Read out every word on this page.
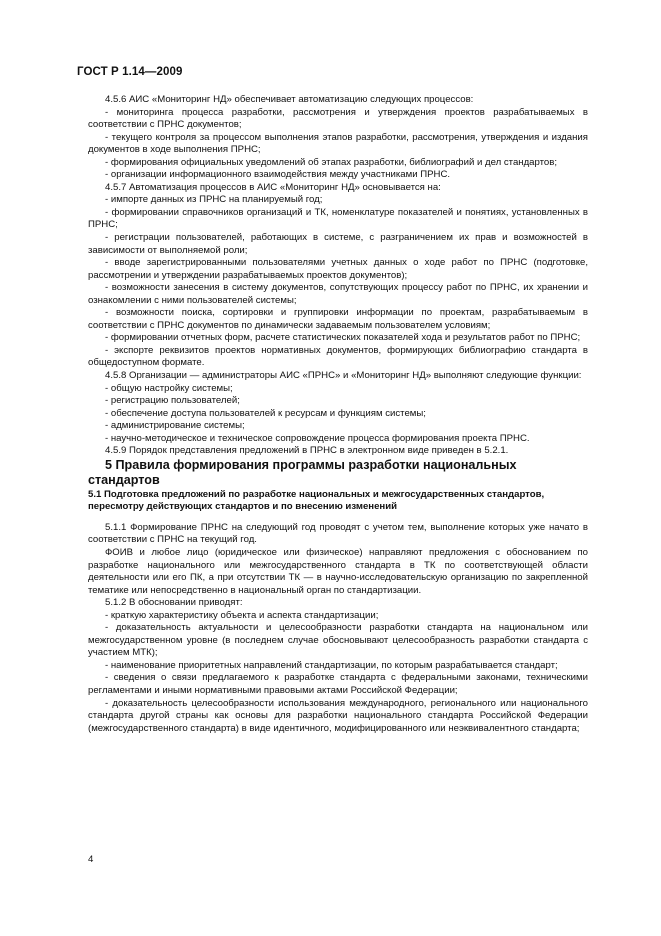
ГОСТ Р 1.14—2009

4.5.6 АИС «Мониторинг НД» обеспечивает автоматизацию следующих процессов:

- мониторинга процесса разработки, рассмотрения и утверждения проектов разрабатываемых в соответствии с ПРНС документов;

- текущего контроля за процессом выполнения этапов разработки, рассмотрения, утверждения и издания документов в ходе выполнения ПРНС;

- формирования официальных уведомлений об этапах разработки, библиографий и дел стандартов;

- организации информационного взаимодействия между участниками ПРНС.

4.5.7 Автоматизация процессов в АИС «Мониторинг НД» основывается на:

- импорте данных из ПРНС на планируемый год;

- формировании справочников организаций и ТК, номенклатуре показателей и понятиях, установленных в ПРНС;

- регистрации пользователей, работающих в системе, с разграничением их прав и возможностей в зависимости от выполняемой роли;

- вводе зарегистрированными пользователями учетных данных о ходе работ по ПРНС (подготовке, рассмотрении и утверждении разрабатываемых проектов документов);

- возможности занесения в систему документов, сопутствующих процессу работ по ПРНС, их хранении и ознакомлении с ними пользователей системы;

- возможности поиска, сортировки и группировки информации по проектам, разрабатываемым в соответствии с ПРНС документов по динамически задаваемым пользователем условиям;

- формировании отчетных форм, расчете статистических показателей хода и результатов работ по ПРНС;

- экспорте реквизитов проектов нормативных документов, формирующих библиографию стандарта в общедоступном формате.

4.5.8 Организации — администраторы АИС «ПРНС» и «Мониторинг НД» выполняют следующие функции:

- общую настройку системы;

- регистрацию пользователей;

- обеспечение доступа пользователей к ресурсам и функциям системы;

- администрирование системы;

- научно-методическое и техническое сопровождение процесса формирования проекта ПРНС.

4.5.9 Порядок представления предложений в ПРНС в электронном виде приведен в 5.2.1.

5 Правила формирования программы разработки национальных стандартов

5.1 Подготовка предложений по разработке национальных и межгосударственных стандартов, пересмотру действующих стандартов и по внесению изменений

5.1.1 Формирование ПРНС на следующий год проводят с учетом тем, выполнение которых уже начато в соответствии с ПРНС на текущий год.

ФОИВ и любое лицо (юридическое или физическое) направляют предложения с обоснованием по разработке национального или межгосударственного стандарта в ТК по соответствующей области деятельности или его ПК, а при отсутствии ТК — в научно-исследовательскую организацию по закрепленной тематике или непосредственно в национальный орган по стандартизации.

5.1.2 В обосновании приводят:

- краткую характеристику объекта и аспекта стандартизации;

- доказательность актуальности и целесообразности разработки стандарта на национальном или межгосударственном уровне (в последнем случае обосновывают целесообразность разработки стандарта с участием МТК);

- наименование приоритетных направлений стандартизации, по которым разрабатывается стандарт;

- сведения о связи предлагаемого к разработке стандарта с федеральными законами, техническими регламентами и иными нормативными правовыми актами Российской Федерации;

- доказательность целесообразности использования международного, регионального или национального стандарта другой страны как основы для разработки национального стандарта Российской Федерации (межгосударственного стандарта) в виде идентичного, модифицированного или неэквивалентного стандарта;

4
